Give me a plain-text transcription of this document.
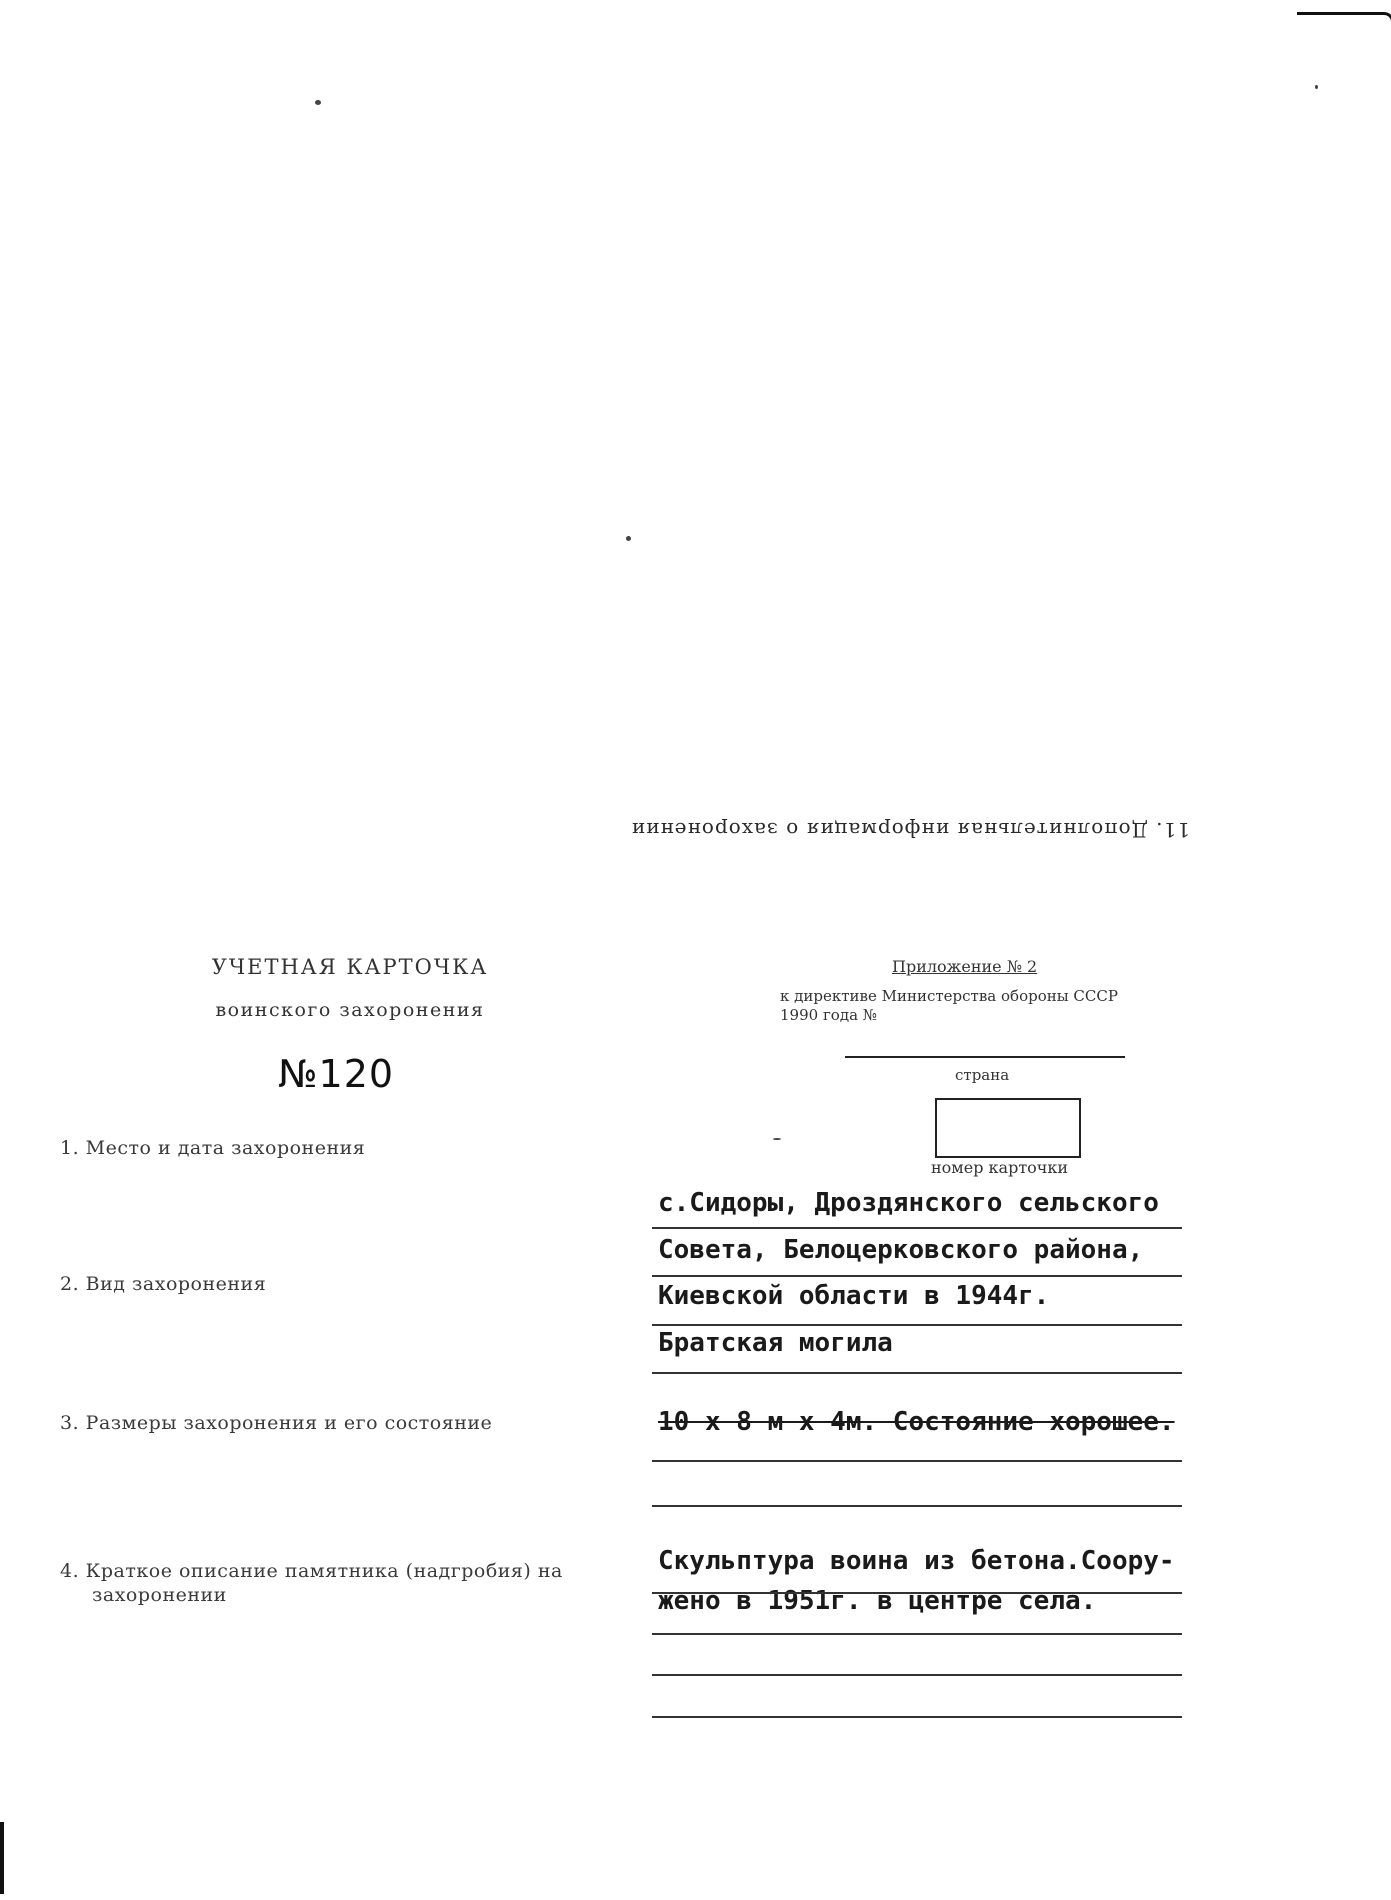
11. Дополнительная информация о захоронении
УЧЕТНАЯ КАРТОЧКА
воинского захоронения
№120
Приложение № 2
к директиве Министерства обороны СССР
1990 года №
страна
номер карточки
1. Место и дата захоронения
2. Вид захоронения
3. Размеры захоронения и его состояние
4. Краткое описание памятника (надгробия) на
захоронении
с.Сидоры, Дроздянского сельского
Совета, Белоцерковского района,
Киевской области в 1944г.
Братская могила
10 х 8 м х 4м. Состояние хорошее.
Скульптура воина из бетона.Соору-
жено в 1951г. в центре села.
